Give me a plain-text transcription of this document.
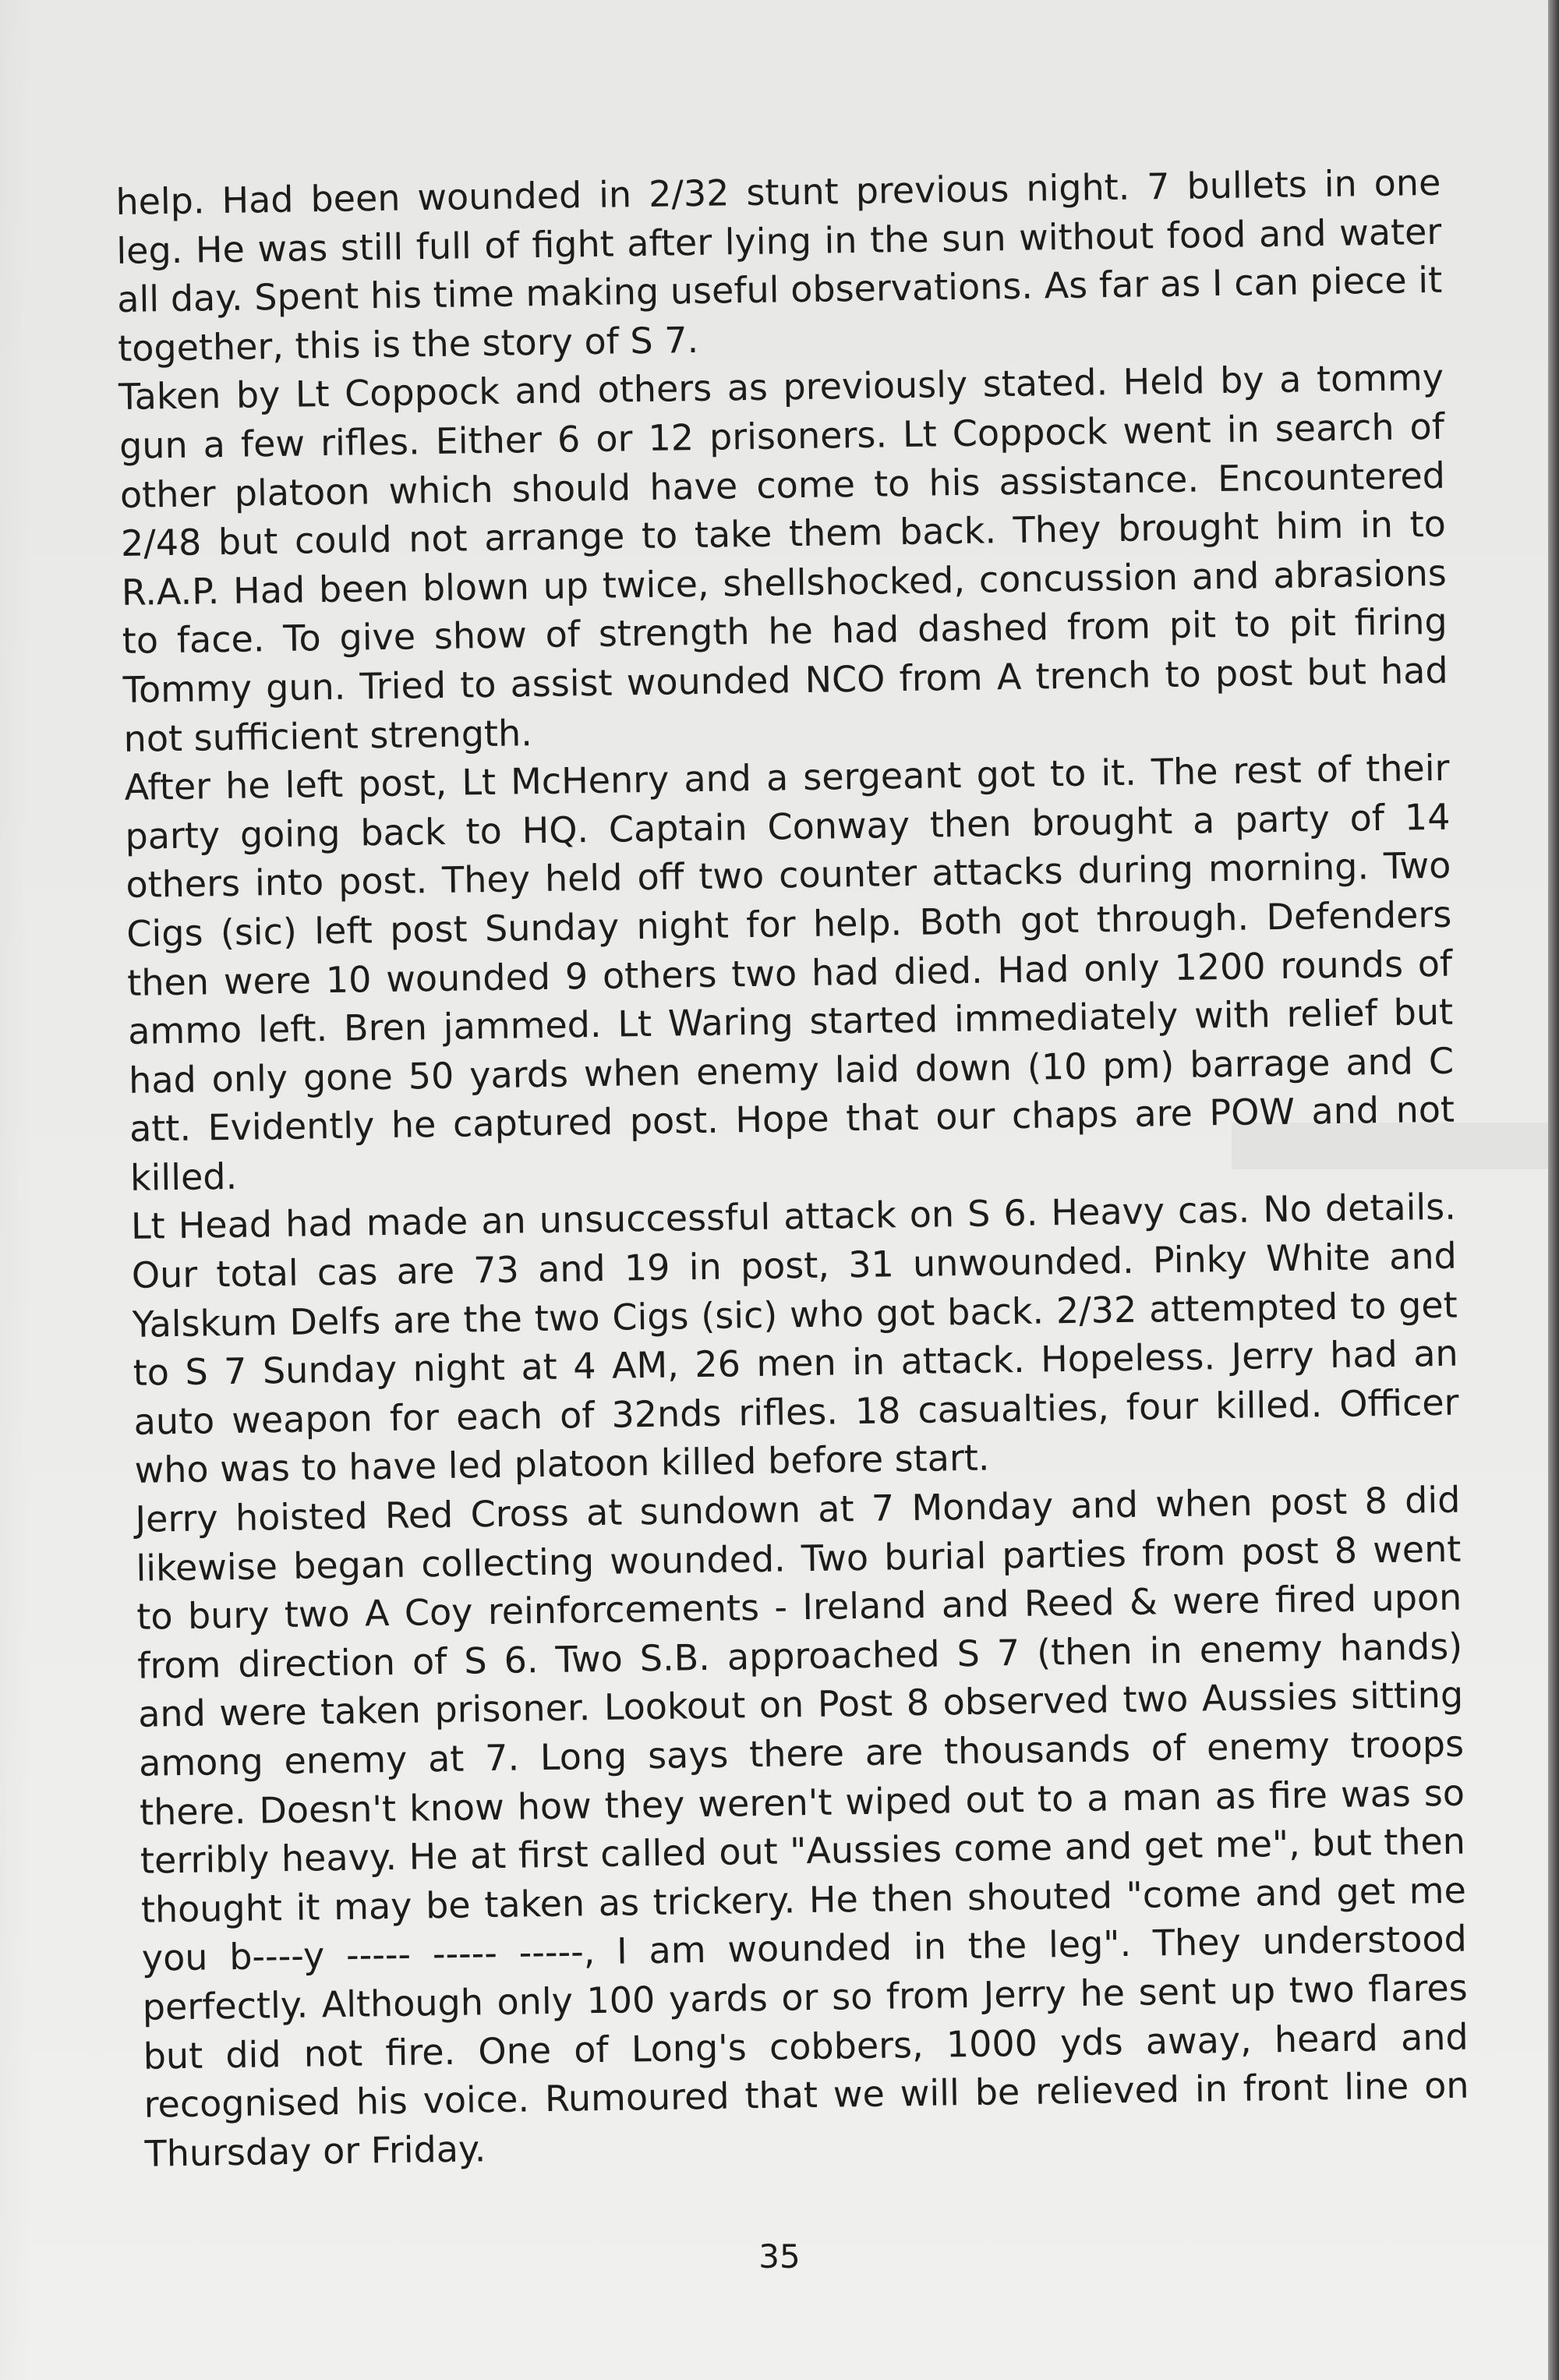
help. Had been wounded in 2/32 stunt previous night. 7 bullets in one leg. He was still full of fight after lying in the sun without food and water all day. Spent his time making useful observations. As far as I can piece it together, this is the story of S 7.

Taken by Lt Coppock and others as previously stated. Held by a tommy gun a few rifles. Either 6 or 12 prisoners. Lt Coppock went in search of other platoon which should have come to his assistance. Encountered 2/48 but could not arrange to take them back. They brought him in to R.A.P. Had been blown up twice, shellshocked, concussion and abrasions to face. To give show of strength he had dashed from pit to pit firing Tommy gun. Tried to assist wounded NCO from A trench to post but had not sufficient strength.

After he left post, Lt McHenry and a sergeant got to it. The rest of their party going back to HQ. Captain Conway then brought a party of 14 others into post. They held off two counter attacks during morning. Two Cigs (sic) left post Sunday night for help. Both got through. Defenders then were 10 wounded 9 others two had died. Had only 1200 rounds of ammo left. Bren jammed. Lt Waring started immediately with relief but had only gone 50 yards when enemy laid down (10 pm) barrage and C att. Evidently he captured post. Hope that our chaps are POW and not killed.

Lt Head had made an unsuccessful attack on S 6. Heavy cas. No details. Our total cas are 73 and 19 in post, 31 unwounded. Pinky White and Yalskum Delfs are the two Cigs (sic) who got back. 2/32 attempted to get to S 7 Sunday night at 4 AM, 26 men in attack. Hopeless. Jerry had an auto weapon for each of 32nds rifles. 18 casualties, four killed. Officer who was to have led platoon killed before start.

Jerry hoisted Red Cross at sundown at 7 Monday and when post 8 did likewise began collecting wounded. Two burial parties from post 8 went to bury two A Coy reinforcements - Ireland and Reed & were fired upon from direction of S 6. Two S.B. approached S 7 (then in enemy hands) and were taken prisoner. Lookout on Post 8 observed two Aussies sitting among enemy at 7. Long says there are thousands of enemy troops there. Doesn't know how they weren't wiped out to a man as fire was so terribly heavy. He at first called out "Aussies come and get me", but then thought it may be taken as trickery. He then shouted "come and get me you b----y ----- ----- -----, I am wounded in the leg". They understood perfectly. Although only 100 yards or so from Jerry he sent up two flares but did not fire. One of Long's cobbers, 1000 yds away, heard and recognised his voice. Rumoured that we will be relieved in front line on Thursday or Friday.

35
